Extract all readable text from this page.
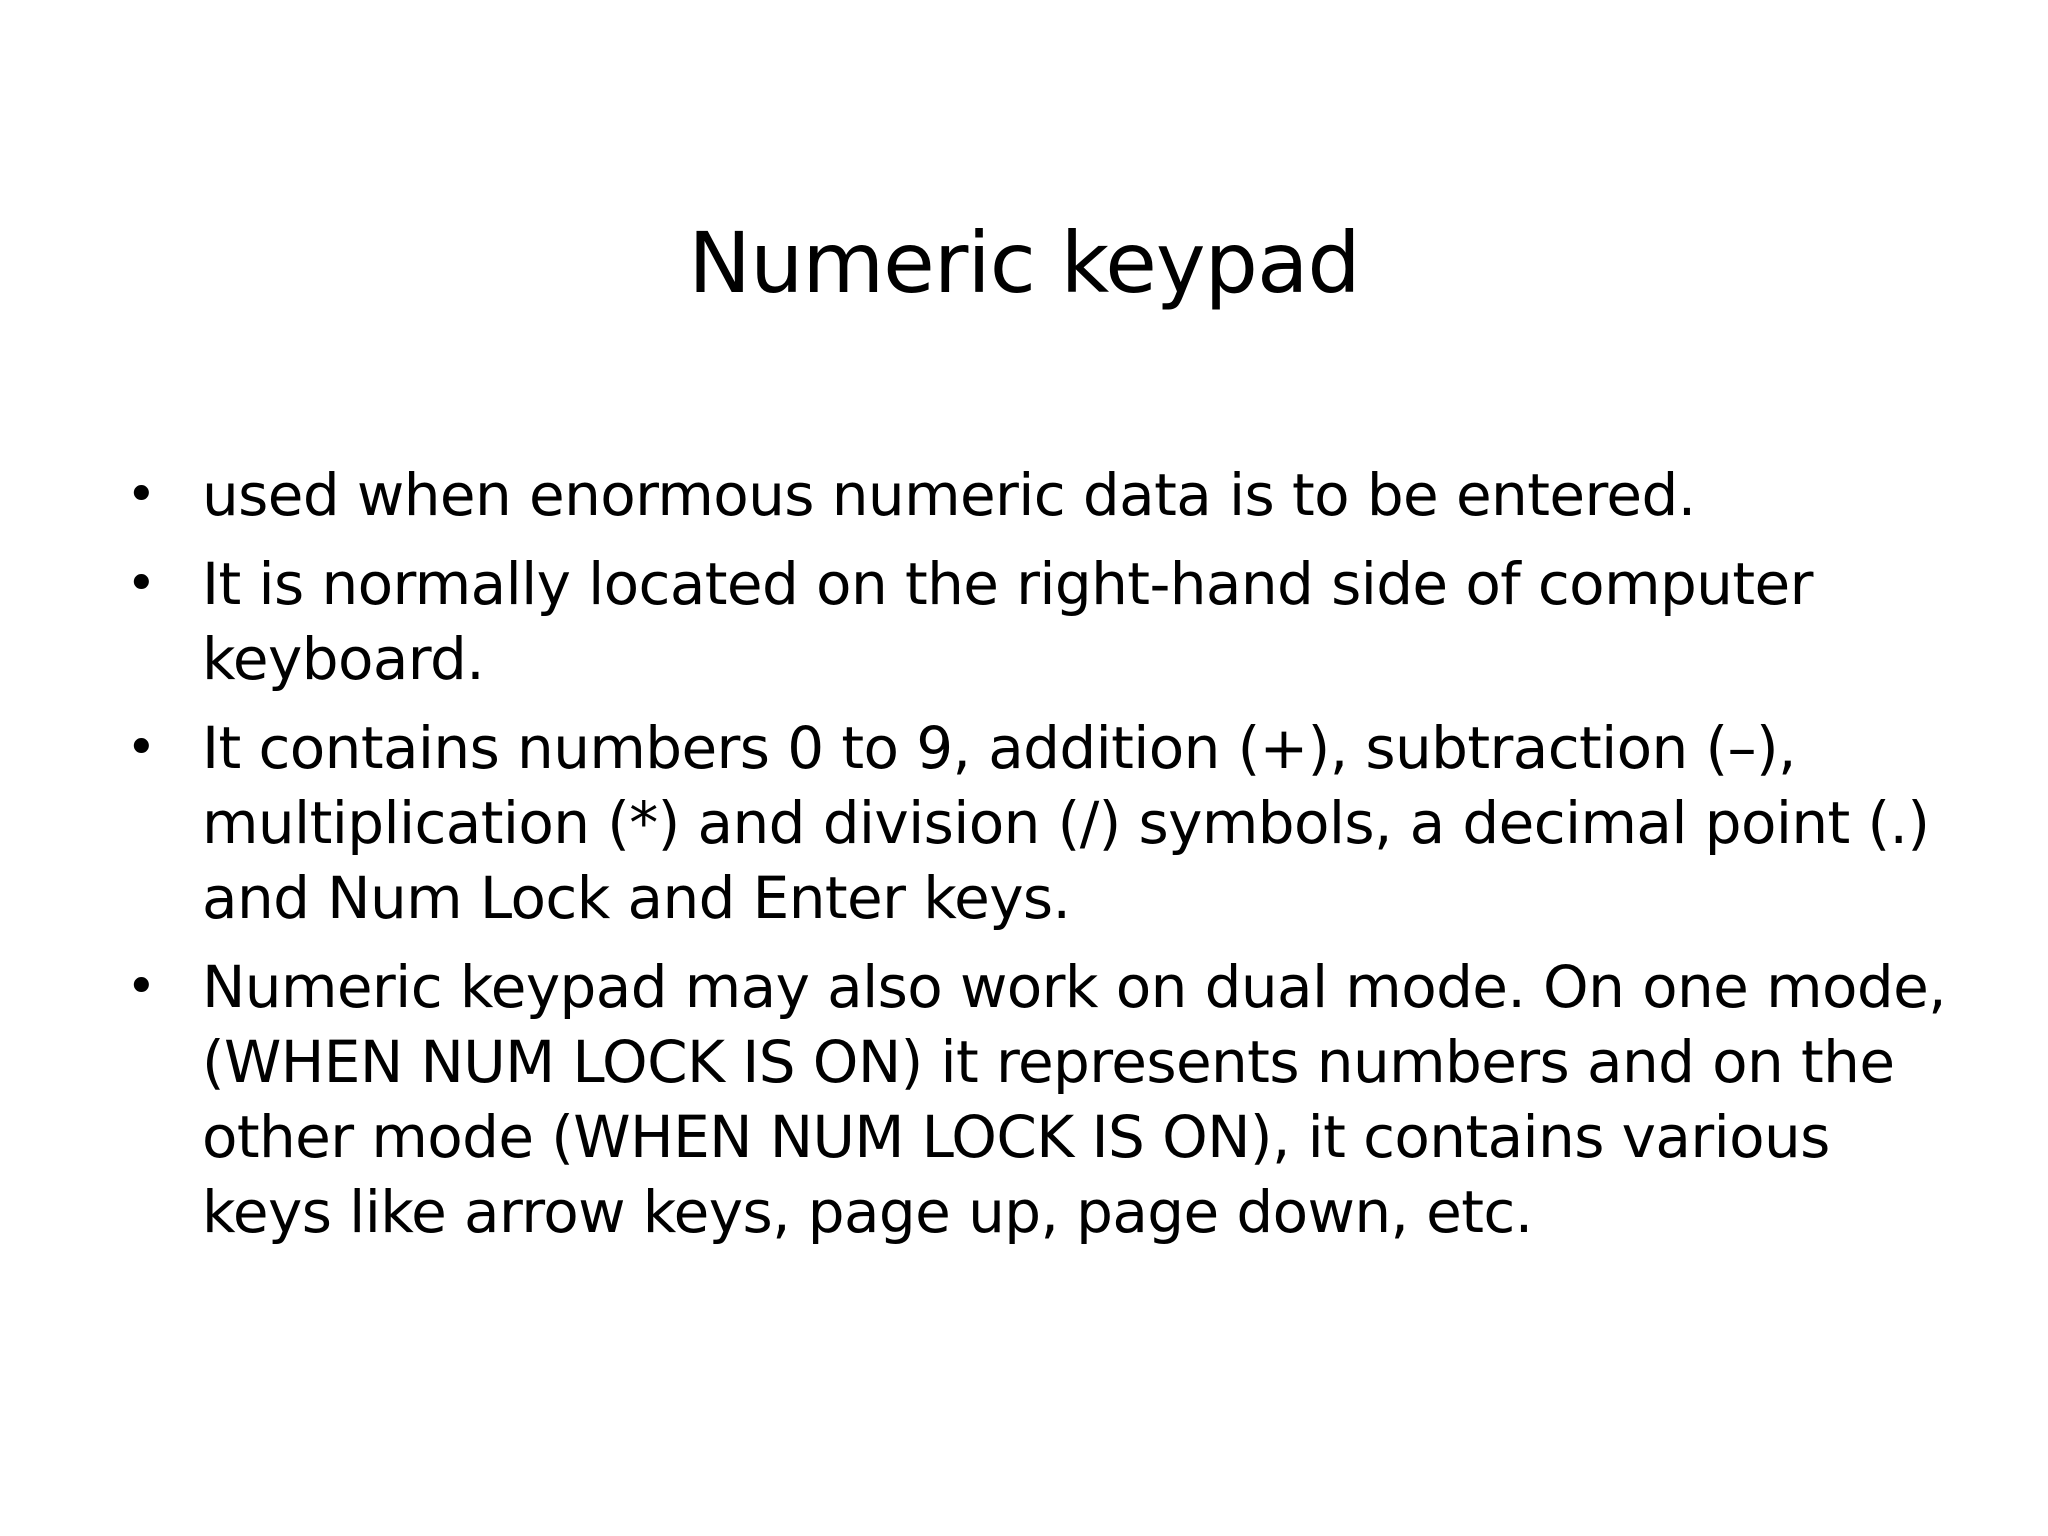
Numeric keypad
• used when enormous numeric data is to be entered.
• It is normally located on the right-hand side of computer keyboard.
• It contains numbers 0 to 9, addition (+), subtraction (–), multiplication (*) and division (/) symbols, a decimal point (.) and Num Lock and Enter keys.
• Numeric keypad may also work on dual mode. On one mode,(WHEN NUM LOCK IS ON) it represents numbers and on the other mode (WHEN NUM LOCK IS ON), it contains various keys like arrow keys, page up, page down, etc.
